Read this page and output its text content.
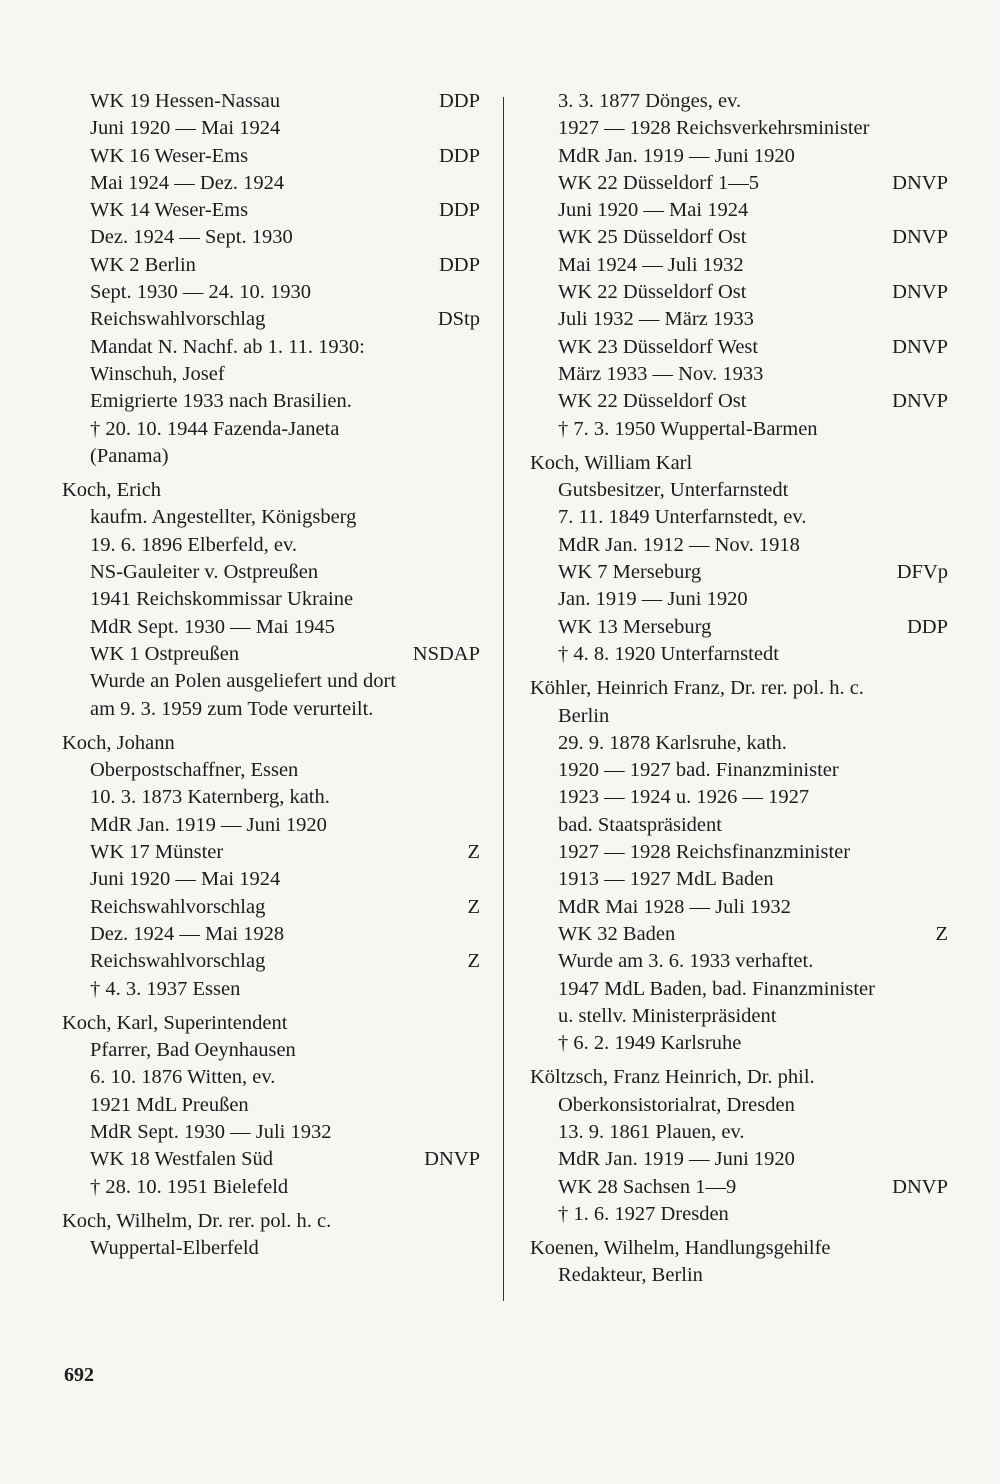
WK 19 Hessen-Nassau	DDP
Juni 1920 — Mai 1924
WK 16 Weser-Ems	DDP
Mai 1924 — Dez. 1924
WK 14 Weser-Ems	DDP
Dez. 1924 — Sept. 1930
WK 2 Berlin	DDP
Sept. 1930 — 24. 10. 1930
Reichswahlvorschlag	DStp
Mandat N. Nachf. ab 1. 11. 1930:
Winschuh, Josef
Emigrierte 1933 nach Brasilien.
† 20. 10. 1944 Fazenda-Janeta
(Panama)
Koch, Erich
kaufm. Angestellter, Königsberg
19. 6. 1896 Elberfeld, ev.
NS-Gauleiter v. Ostpreußen
1941 Reichskommissar Ukraine
MdR Sept. 1930 — Mai 1945
WK 1 Ostpreußen	NSDAP
Wurde an Polen ausgeliefert und dort
am 9. 3. 1959 zum Tode verurteilt.
Koch, Johann
Oberpostschaffner, Essen
10. 3. 1873 Katernberg, kath.
MdR Jan. 1919 — Juni 1920
WK 17 Münster	Z
Juni 1920 — Mai 1924
Reichswahlvorschlag	Z
Dez. 1924 — Mai 1928
Reichswahlvorschlag	Z
† 4. 3. 1937 Essen
Koch, Karl, Superintendent
Pfarrer, Bad Oeynhausen
6. 10. 1876 Witten, ev.
1921 MdL Preußen
MdR Sept. 1930 — Juli 1932
WK 18 Westfalen Süd	DNVP
† 28. 10. 1951 Bielefeld
Koch, Wilhelm, Dr. rer. pol. h. c.
Wuppertal-Elberfeld
3. 3. 1877 Dönges, ev.
1927 — 1928 Reichsverkehrsminister
MdR Jan. 1919 — Juni 1920
WK 22 Düsseldorf 1—5	DNVP
Juni 1920 — Mai 1924
WK 25 Düsseldorf Ost	DNVP
Mai 1924 — Juli 1932
WK 22 Düsseldorf Ost	DNVP
Juli 1932 — März 1933
WK 23 Düsseldorf West	DNVP
März 1933 — Nov. 1933
WK 22 Düsseldorf Ost	DNVP
† 7. 3. 1950 Wuppertal-Barmen
Koch, William Karl
Gutsbesitzer, Unterfarnstedt
7. 11. 1849 Unterfarnstedt, ev.
MdR Jan. 1912 — Nov. 1918
WK 7 Merseburg	DFVp
Jan. 1919 — Juni 1920
WK 13 Merseburg	DDP
† 4. 8. 1920 Unterfarnstedt
Köhler, Heinrich Franz, Dr. rer. pol. h. c.
Berlin
29. 9. 1878 Karlsruhe, kath.
1920 — 1927 bad. Finanzminister
1923 — 1924 u. 1926 — 1927
bad. Staatspräsident
1927 — 1928 Reichsfinanzminister
1913 — 1927 MdL Baden
MdR Mai 1928 — Juli 1932
WK 32 Baden	Z
Wurde am 3. 6. 1933 verhaftet.
1947 MdL Baden, bad. Finanzminister
u. stellv. Ministerpräsident
† 6. 2. 1949 Karlsruhe
Költzsch, Franz Heinrich, Dr. phil.
Oberkonsistorialrat, Dresden
13. 9. 1861 Plauen, ev.
MdR Jan. 1919 — Juni 1920
WK 28 Sachsen 1—9	DNVP
† 1. 6. 1927 Dresden
Koenen, Wilhelm, Handlungsgehilfe
Redakteur, Berlin
692
